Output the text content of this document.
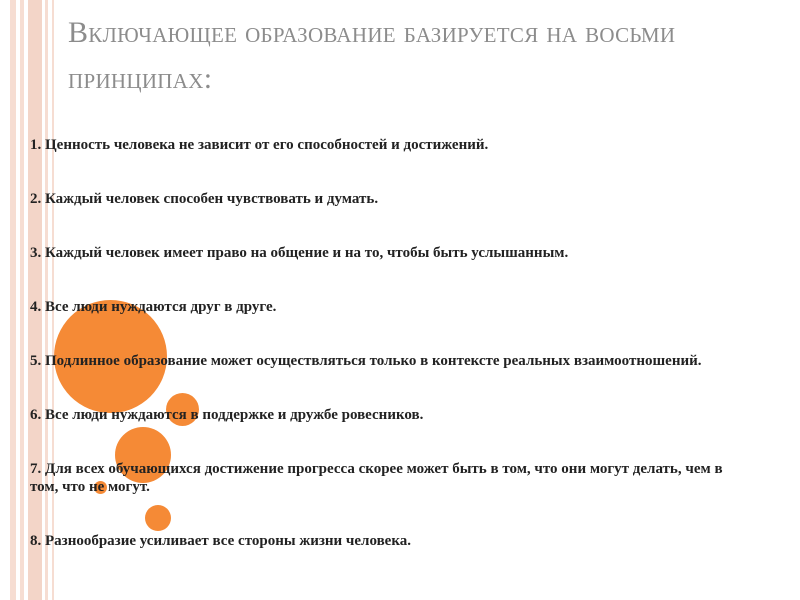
Включающее образование базируется на восьми принципах:
1. Ценность человека не зависит от его способностей и достижений.
2. Каждый человек способен чувствовать и думать.
3. Каждый человек имеет право на общение и на то, чтобы быть услышанным.
4. Все люди нуждаются друг в друге.
5. Подлинное образование может осуществляться только в контексте реальных взаимоотношений.
6. Все люди нуждаются в поддержке и дружбе ровесников.
7. Для всех обучающихся достижение прогресса скорее может быть в том, что они могут делать, чем в том, что не могут.
8. Разнообразие усиливает все стороны жизни человека.
